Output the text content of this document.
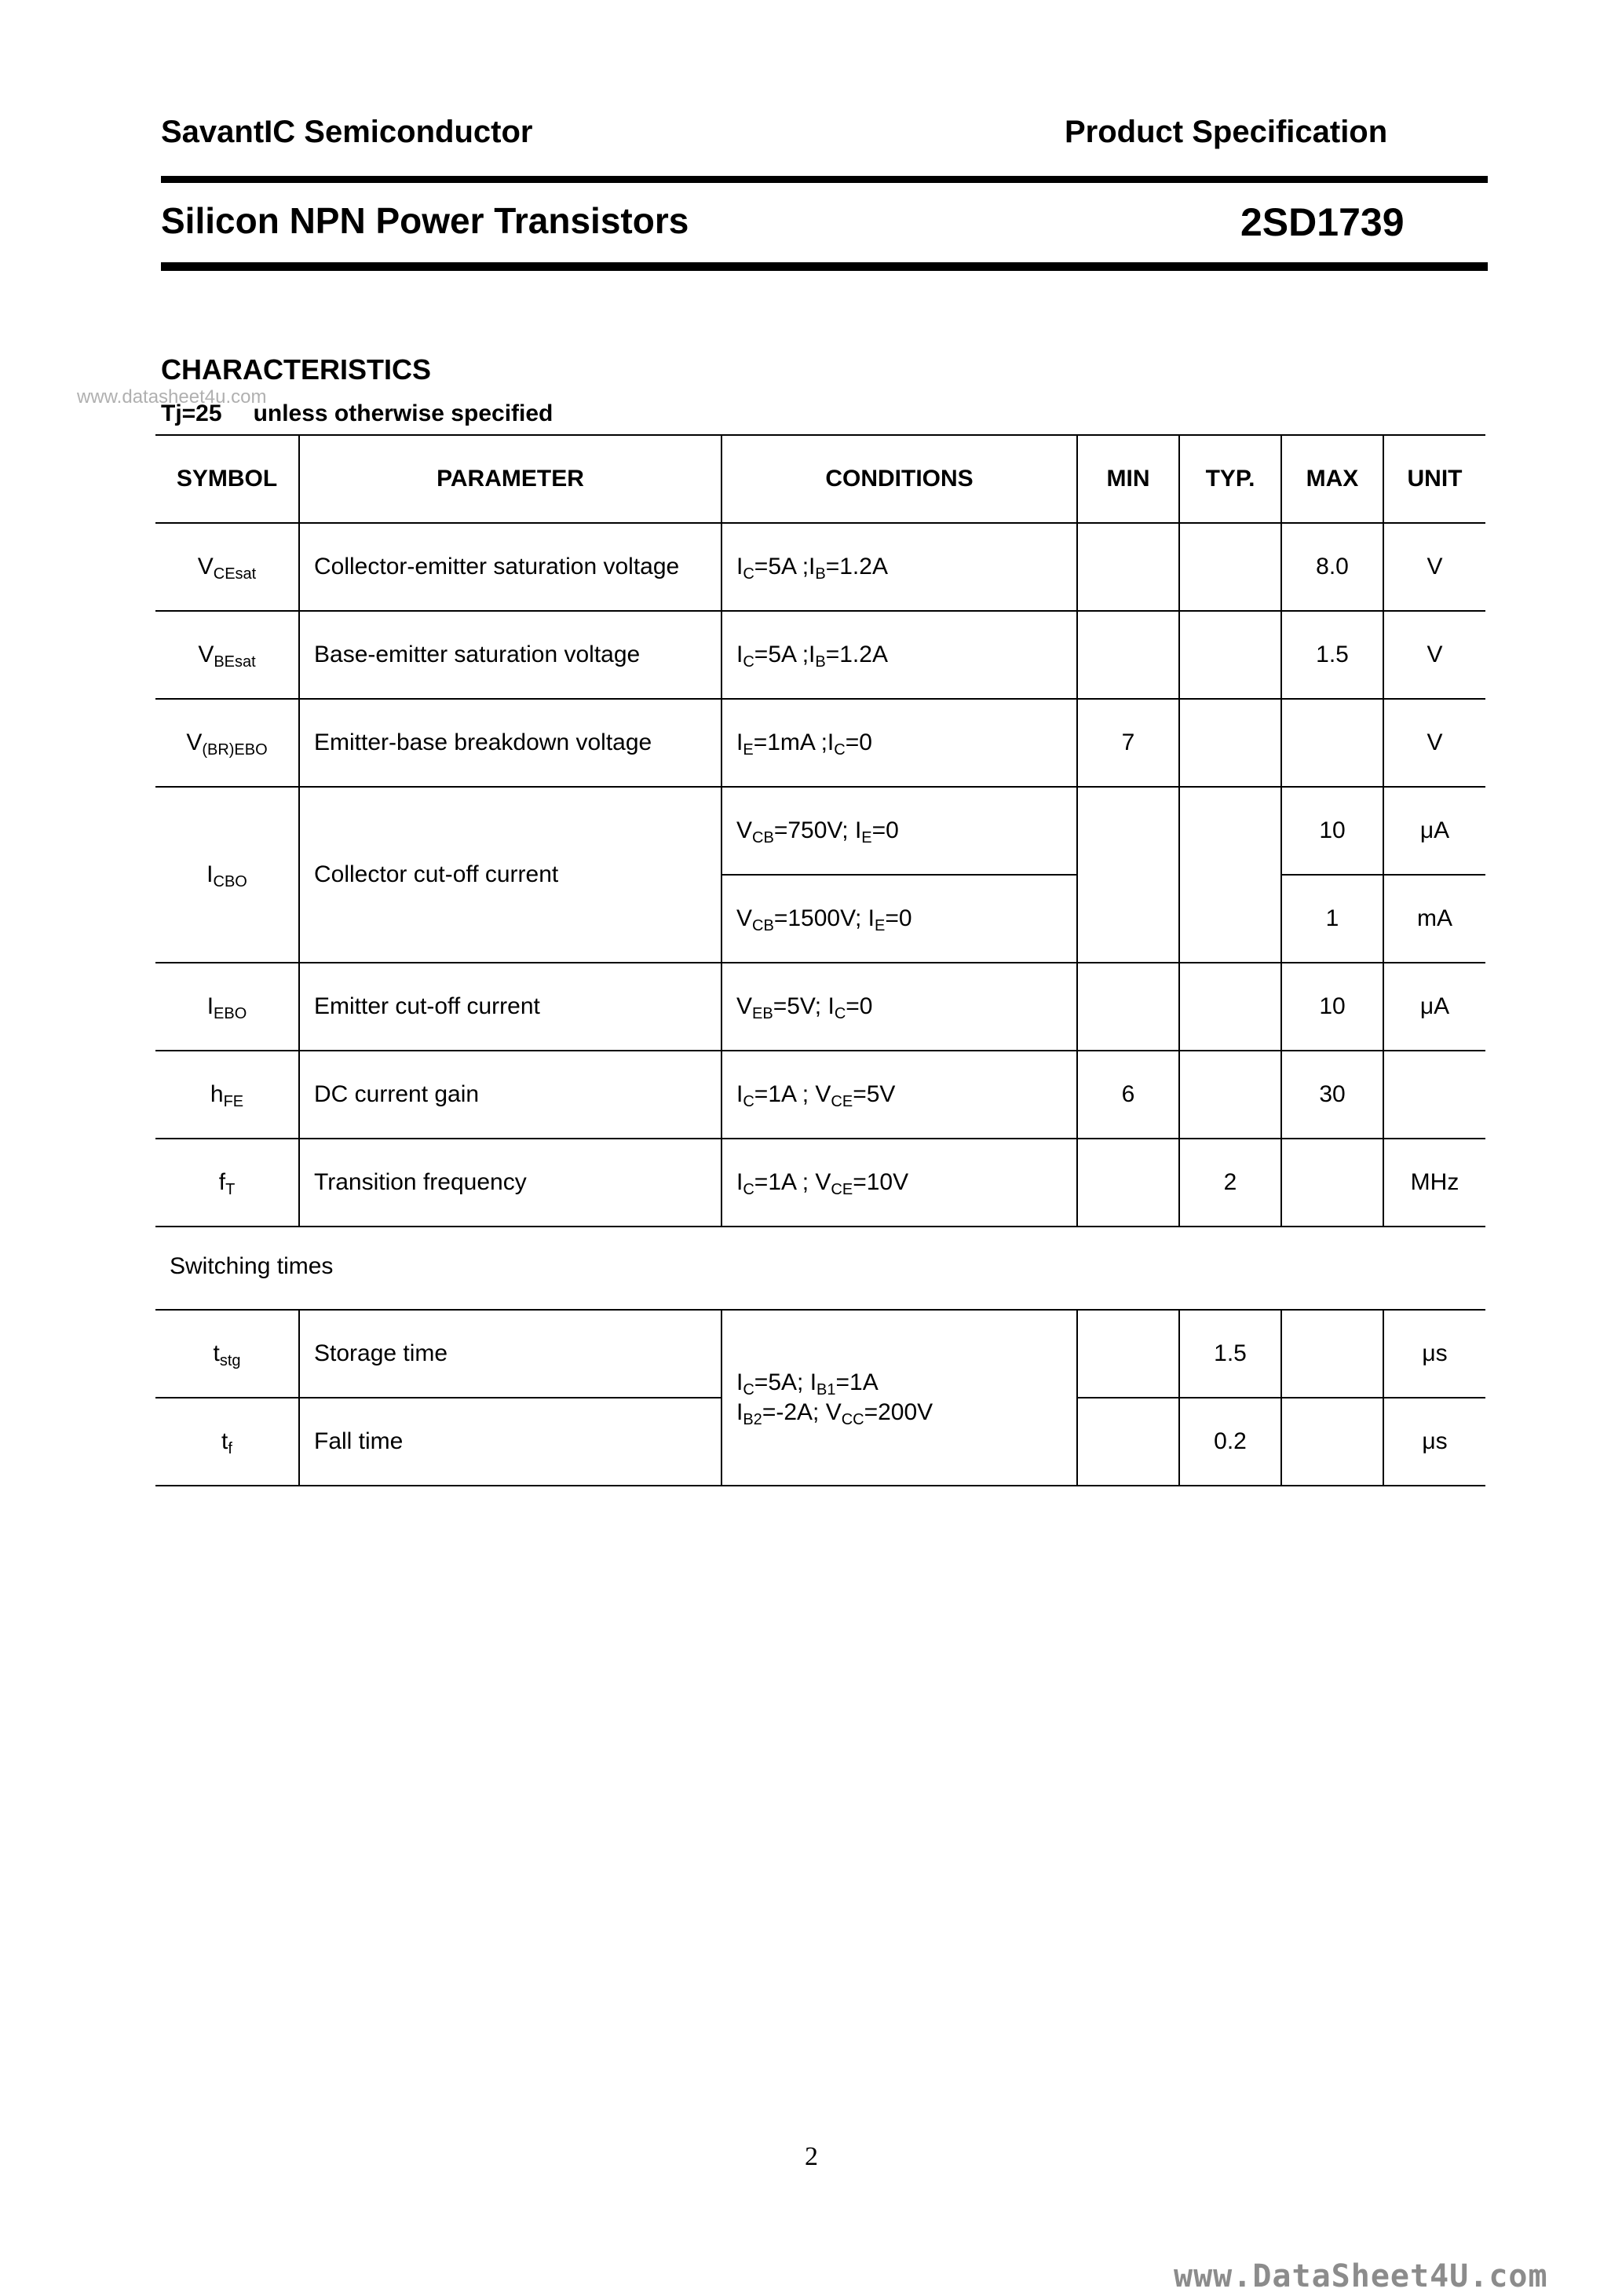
SavantIC Semiconductor	Product Specification
Silicon NPN Power Transistors	2SD1739
CHARACTERISTICS
www.datasheet4u.com
Tj=25 unless otherwise specified
SYMBOL	PARAMETER	CONDITIONS	MIN	TYP.	MAX	UNIT
$V_{CEsat}$	Collector-emitter saturation voltage	$I_C=5A$ $;I_B=1.2A$			8.0	V
$V_{BEsat}$	Base-emitter saturation voltage	$I_C=5A$ $;I_B=1.2A$			1.5	V
$V_{(BR)EBO}$	Emitter-base breakdown voltage	$I_E=1mA$ $;I_C=0$	7			V
$I_{CBO}$	Collector cut-off current	$V_{CB}=750V$; $I_E=0$			10	μA
		$V_{CB}=1500V$; $I_E=0$			1	mA
$I_{EBO}$	Emitter cut-off current	$V_{EB}=5V$; $I_C=0$			10	μA
$h_{FE}$	DC current gain	$I_C=1A$ ; $V_{CE}=5V$	6		30	
$f_T$	Transition frequency	$I_C=1A$ ; $V_{CE}=10V$		2		MHz
Switching times
$t_{stg}$	Storage time	$I_C=5A$; $I_{B1}=1A$
$I_{B2}=-2A$; $V_{CC}=200V$		1.5		μs
$t_f$	Fall time			0.2		μs
2
www.DataSheet4U.com
